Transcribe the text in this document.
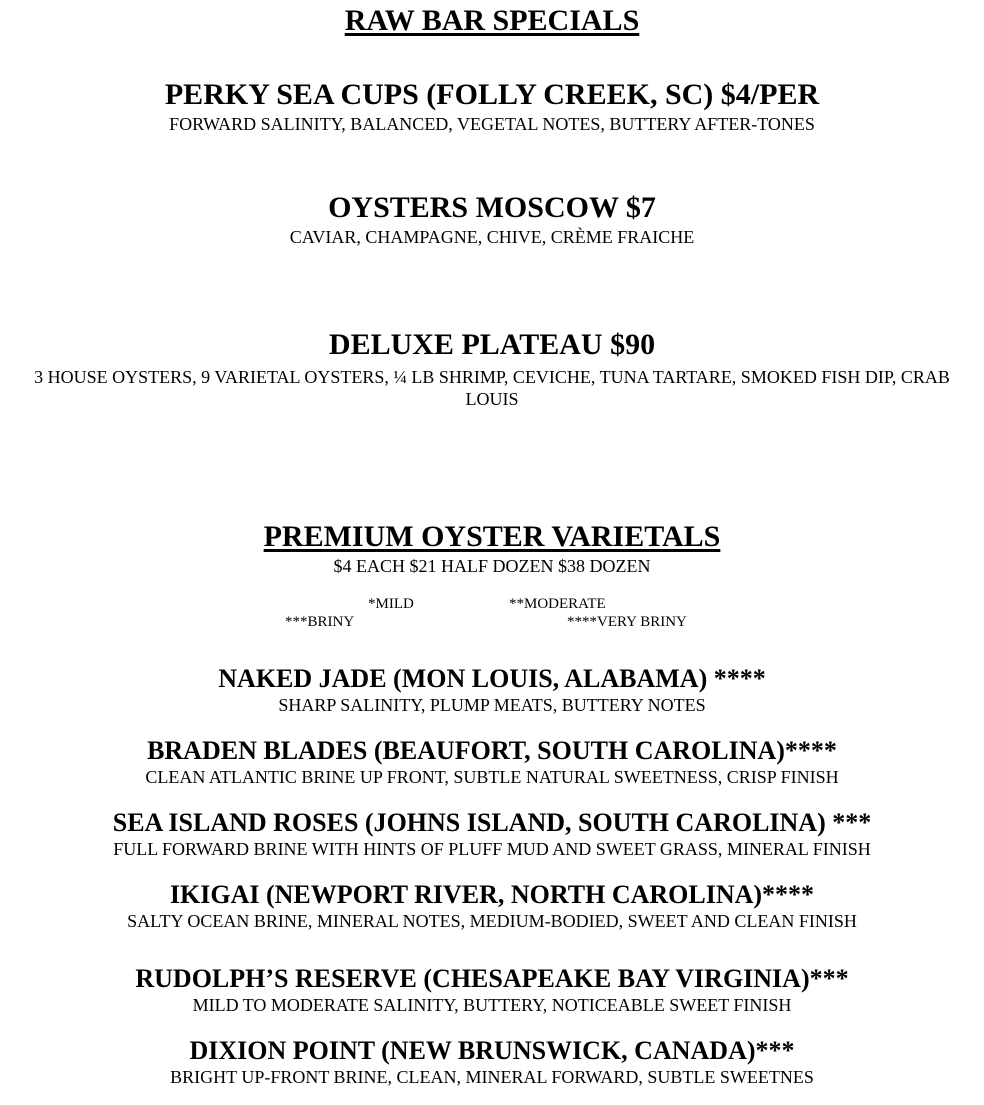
RAW BAR SPECIALS
PERKY SEA CUPS (FOLLY CREEK, SC) $4/PER
FORWARD SALINITY, BALANCED, VEGETAL NOTES, BUTTERY AFTER-TONES
OYSTERS MOSCOW $7
CAVIAR, CHAMPAGNE, CHIVE, CRÈME FRAICHE
DELUXE PLATEAU $90
3 HOUSE OYSTERS, 9 VARIETAL OYSTERS, ¼ LB SHRIMP, CEVICHE, TUNA TARTARE, SMOKED FISH DIP, CRAB LOUIS
PREMIUM OYSTER VARIETALS
$4 EACH $21 HALF DOZEN $38 DOZEN
*MILD	**MODERATE
***BRINY	****VERY BRINY
NAKED JADE (MON LOUIS, ALABAMA) ****
SHARP SALINITY, PLUMP MEATS, BUTTERY NOTES
BRADEN BLADES (BEAUFORT, SOUTH CAROLINA)****
CLEAN ATLANTIC BRINE UP FRONT, SUBTLE NATURAL SWEETNESS, CRISP FINISH
SEA ISLAND ROSES (JOHNS ISLAND, SOUTH CAROLINA) ***
FULL FORWARD BRINE WITH HINTS OF PLUFF MUD AND SWEET GRASS, MINERAL FINISH
IKIGAI (NEWPORT RIVER, NORTH CAROLINA)****
SALTY OCEAN BRINE, MINERAL NOTES, MEDIUM-BODIED, SWEET AND CLEAN FINISH
RUDOLPH’S RESERVE (CHESAPEAKE BAY VIRGINIA)***
MILD TO MODERATE SALINITY, BUTTERY, NOTICEABLE SWEET FINISH
DIXION POINT (NEW BRUNSWICK, CANADA)***
BRIGHT UP-FRONT BRINE, CLEAN, MINERAL FORWARD, SUBTLE SWEETNES
